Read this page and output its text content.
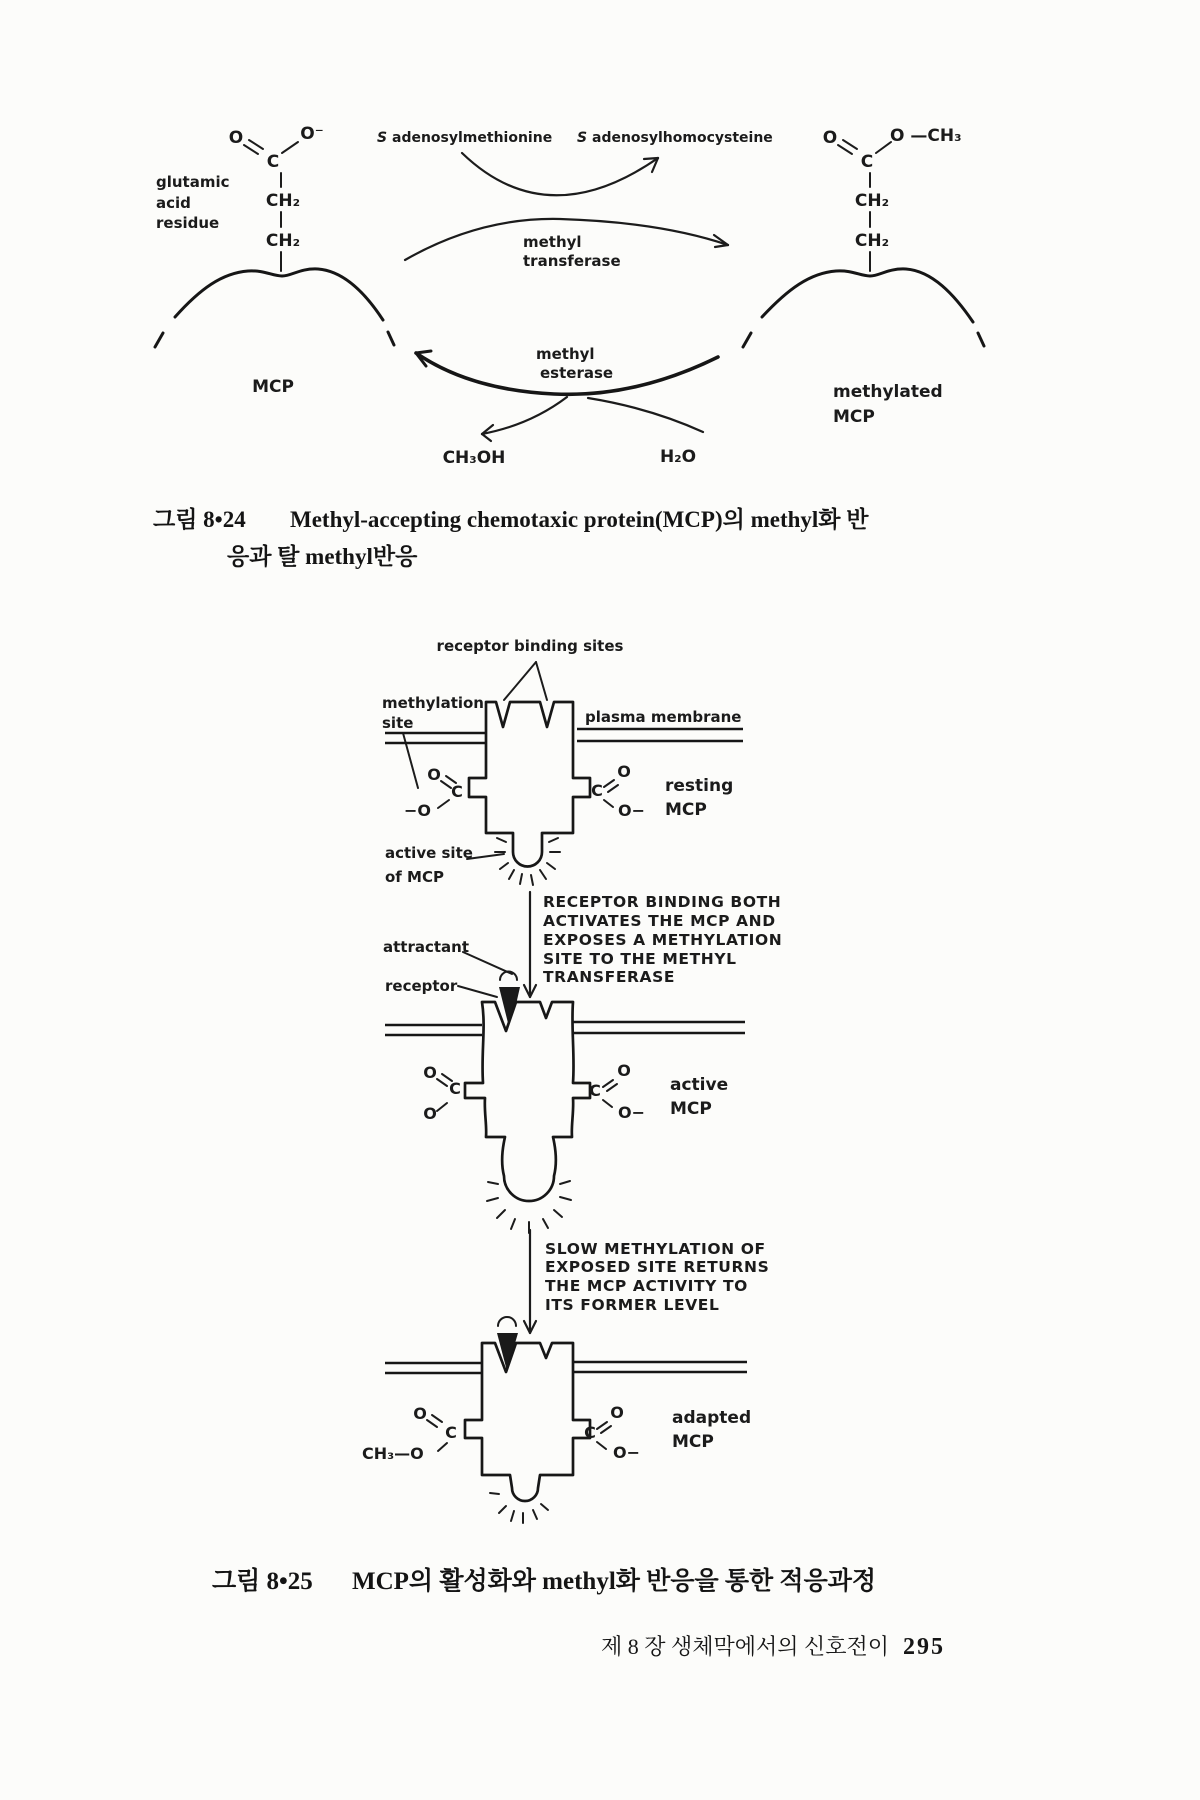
O	O⁻
C
CH₂
CH₂
MCP
glutamic
acid
residue
S adenosylmethionine S adenosylhomocysteine
methyl
transferase
methyl
esterase
CH₃OH	H₂O
O	O —CH₃
C
CH₂
CH₂
methylated
MCP
그림 8•24 Methyl-accepting chemotaxic protein(MCP)의 methyl화 반
응과 탈 methyl반응
receptor binding sites
methylation
site	plasma membrane
O
C
−O
C
O
O−
resting
MCP
active site
of MCP
RECEPTOR BINDING BOTH
ACTIVATES THE MCP AND
EXPOSES A METHYLATION
SITE TO THE METHYL
TRANSFERASE
attractant
receptor
O
C
O
C
O
O−
active
MCP
SLOW METHYLATION OF
EXPOSED SITE RETURNS
THE MCP ACTIVITY TO
ITS FORMER LEVEL
O
C
CH₃—O
C
O
O−
adapted
MCP
그림 8•25 MCP의 활성화와 methyl화 반응을 통한 적응과정
제 8 장 생체막에서의 신호전이 295
